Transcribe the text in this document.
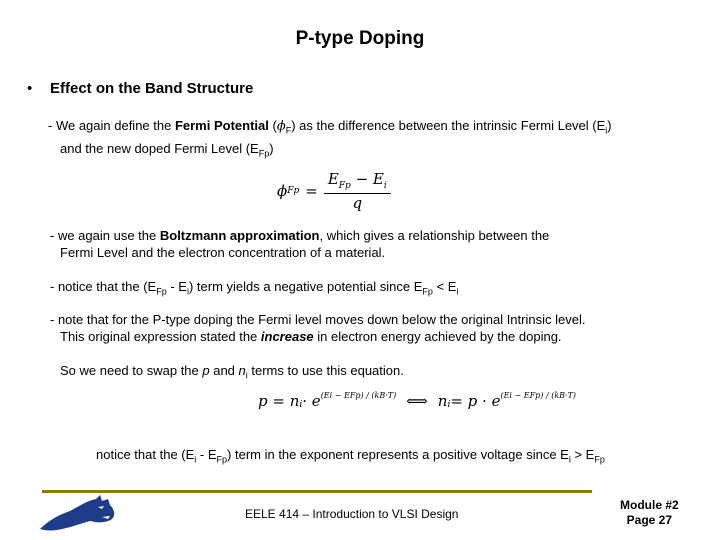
P-type Doping
• Effect on the Band Structure
- We again define the Fermi Potential $(\phi_F)$ as the difference between the intrinsic Fermi Level $(E_i)$
and the new doped Fermi Level $(E_{Fp})$
ϕ Fp =
$E_{Fp} - E_i$
q
- we again use the Boltzmann approximation, which gives a relationship between the
Fermi Level and the electron concentration of a material.
- notice that the $(E_{Fp} - E_i)$ term yields a negative potential since $E_{Fp} < E_i$
- note that for the P-type doping the Fermi level moves down below the original Intrinsic level.
This original expression stated the increase in electron energy achieved by the doping.
So we need to swap the p and $n_i$ terms to use this equation.
$p = n_i \cdot e^{(Ei - EFp) / (kB\cdot T)}$ ⟺ $n_i = p \cdot e^{(Ei - EFp) / (kB\cdot T)}$
notice that the $(E_i - E_{Fp})$ term in the exponent represents a positive voltage since $E_i > E_{Fp}$
EELE 414 – Introduction to VLSI Design
Module #2
Page 27
